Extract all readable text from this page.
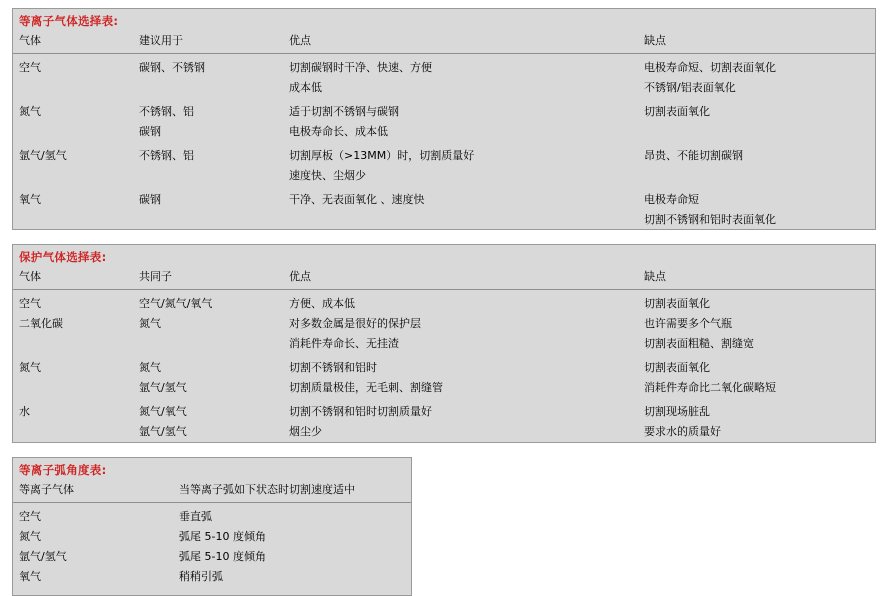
等离子气体选择表:
气体	建议用于	优点	缺点
空气	碳钢、不锈钢	切割碳钢时干净、快速、方便	电极寿命短、切割表面氧化
		成本低	不锈钢/铝表面氧化
氮气	不锈钢、铝	适于切割不锈钢与碳钢	切割表面氧化
	碳钢	电极寿命长、成本低	
氩气/氢气	不锈钢、铝	切割厚板（>13MM）时，切割质量好	昂贵、不能切割碳钢
		速度快、尘烟少	
氧气	碳钢	干净、无表面氧化 、速度快	电极寿命短
			切割不锈钢和铝时表面氧化
保护气体选择表:
气体	共同子	优点	缺点
空气	空气/氮气/氧气	方便、成本低	切割表面氧化
二氧化碳	氮气	对多数金属是很好的保护层	也许需要多个气瓶
		消耗件寿命长、无挂渣	切割表面粗糙、割缝宽
氮气	氮气	切割不锈钢和铝时	切割表面氧化
	氩气/氢气	切割质量极佳，无毛刺、割缝管	消耗件寿命比二氧化碳略短
水	氮气/氧气	切割不锈钢和铝时切割质量好	切割现场脏乱
	氩气/氢气	烟尘少	要求水的质量好
等离子弧角度表:
等离子气体	当等离子弧如下状态时切割速度适中
空气	垂直弧
氮气	弧尾 5-10 度倾角
氩气/氢气	弧尾 5-10 度倾角
氧气	稍稍引弧
